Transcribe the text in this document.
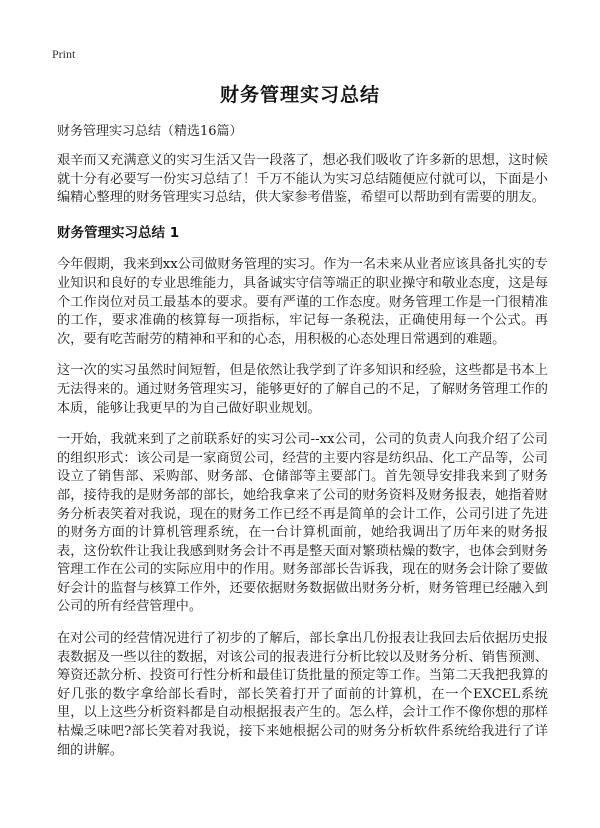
Print
财务管理实习总结
财务管理实习总结（精选16篇）

艰辛而又充满意义的实习生活又告一段落了，想必我们吸收了许多新的思想，这时候就十分有必要写一份实习总结了！千万不能认为实习总结随便应付就可以，下面是小编精心整理的财务管理实习总结，供大家参考借鉴，希望可以帮助到有需要的朋友。

财务管理实习总结 1

今年假期，我来到xx公司做财务管理的实习。作为一名未来从业者应该具备扎实的专业知识和良好的专业思维能力，具备诚实守信等端正的职业操守和敬业态度，这是每个工作岗位对员工最基本的要求。要有严谨的工作态度。财务管理工作是一门很精准的工作，要求准确的核算每一项指标，牢记每一条税法，正确使用每一个公式。再次，要有吃苦耐劳的精神和平和的心态，用积极的心态处理日常遇到的难题。

这一次的实习虽然时间短暂，但是依然让我学到了许多知识和经验，这些都是书本上无法得来的。通过财务管理实习，能够更好的了解自己的不足，了解财务管理工作的本质，能够让我更早的为自己做好职业规划。

一开始，我就来到了之前联系好的实习公司--xx公司，公司的负责人向我介绍了公司的组织形式：该公司是一家商贸公司，经营的主要内容是纺织品、化工产品等，公司设立了销售部、采购部、财务部、仓储部等主要部门。首先领导安排我来到了财务部，接待我的是财务部的部长，她给我拿来了公司的财务资料及财务报表，她指着财务分析表笑着对我说，现在的财务工作已经不再是简单的会计工作，公司引进了先进的财务方面的计算机管理系统，在一台计算机面前，她给我调出了历年来的财务报表，这份软件让我让我感到财务会计不再是整天面对繁琐枯燥的数字，也体会到财务管理工作在公司的实际应用中的作用。财务部部长告诉我，现在的财务会计除了要做好会计的监督与核算工作外，还要依据财务数据做出财务分析，财务管理已经融入到公司的所有经营管理中。

在对公司的经营情况进行了初步的了解后，部长拿出几份报表让我回去后依据历史报表数据及一些以往的数据，对该公司的报表进行分析比较以及财务分析、销售预测、筹资还款分析、投资可行性分析和最佳订货批量的预定等工作。当第二天我把我算的好几张的数字拿给部长看时，部长笑着打开了面前的计算机，在一个EXCEL系统里，以上这些分析资料都是自动根据报表产生的。怎么样，会计工作不像你想的那样枯燥乏味吧?部长笑着对我说，接下来她根据公司的财务分析软件系统给我进行了详细的讲解。
